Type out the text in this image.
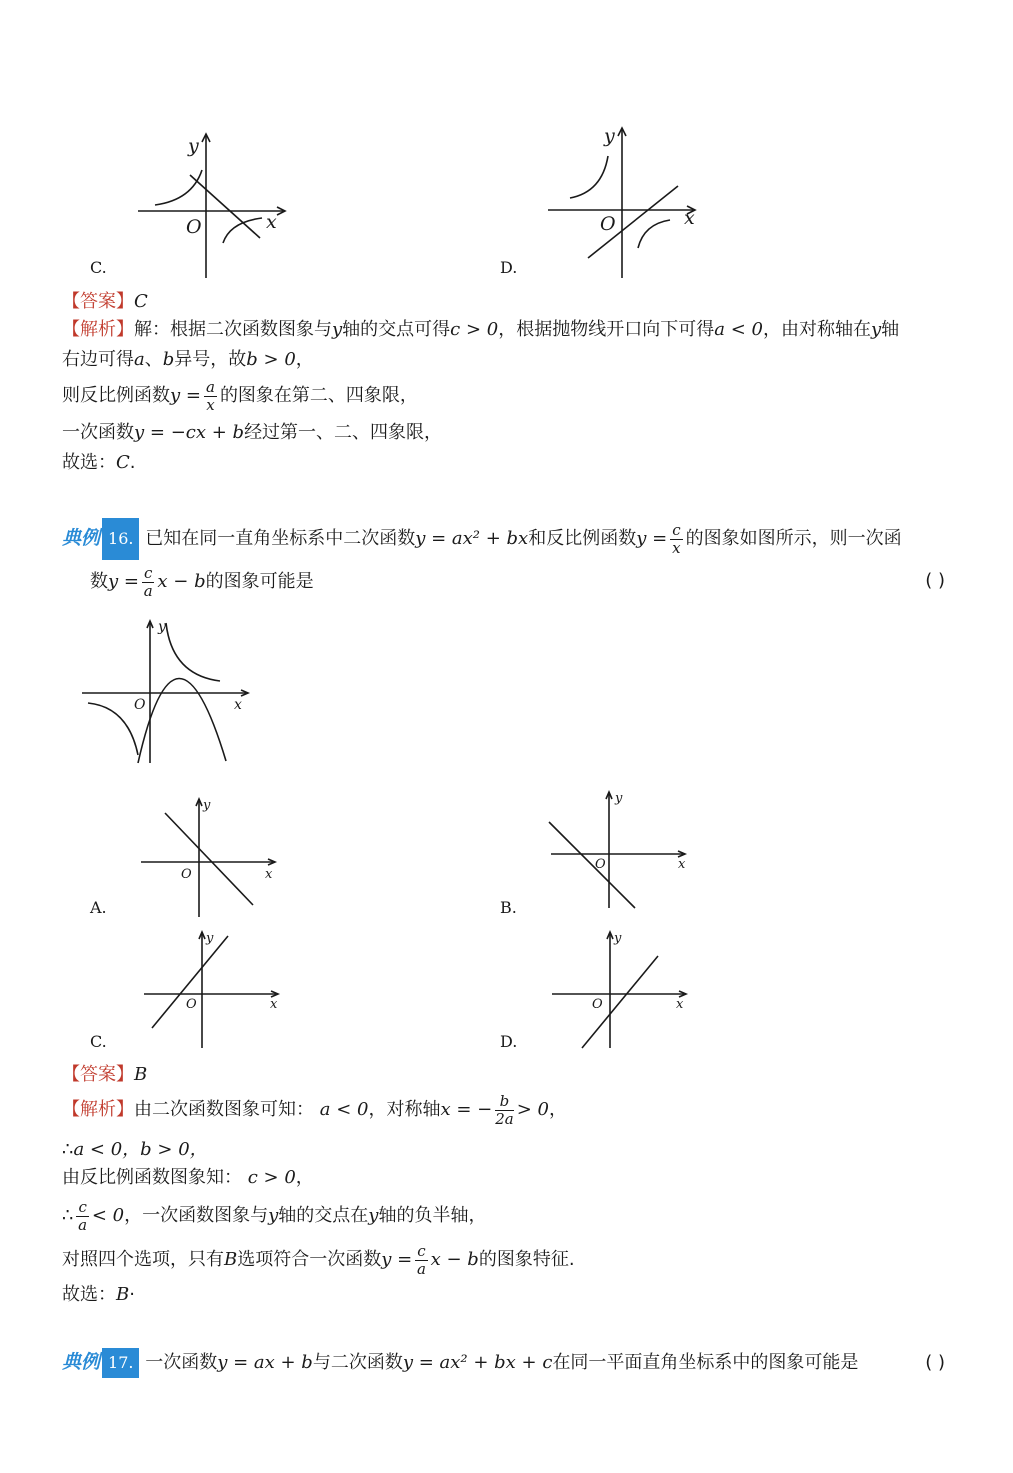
y
x
O
C.
y
x
O
D.
【答案】C
【解析】解：根据二次函数图象与y轴的交点可得c > 0，根据抛物线开口向下可得a < 0，由对称轴在y轴
右边可得a、b异号，故b > 0，
则反比例函数$y = \frac{a}{x}$ 的图象在第二、四象限，
一次函数y = −cx + b经过第一、二、四象限，
故选：C.
典例 16. 已知在同一直角坐标系中二次函数y = ax² + bx和反比例函数$y = \frac{c}{x}$ 的图象如图所示，则一次函
数$y = \frac{c}{a}$ x − b的图象可能是	( )
y
x
O
y
x
O
A.
y
x
O
B.
y
x
O
C.
y
x
O
D.
【答案】B
【解析】由二次函数图象可知： a < 0，对称轴x = − $\frac{b}{2a} > 0$，
∴a < 0，b > 0，
由反比例函数图象知： c > 0，
∴ $\frac{c}{a} < 0$，一次函数图象与y轴的交点在y轴的负半轴，
对照四个选项，只有B选项符合一次函数$y = \frac{c}{a}$ x − b的图象特征.
故选：B·
典例 17. 一次函数y = ax + b与二次函数y = ax² + bx + c在同一平面直角坐标系中的图象可能是	( )
